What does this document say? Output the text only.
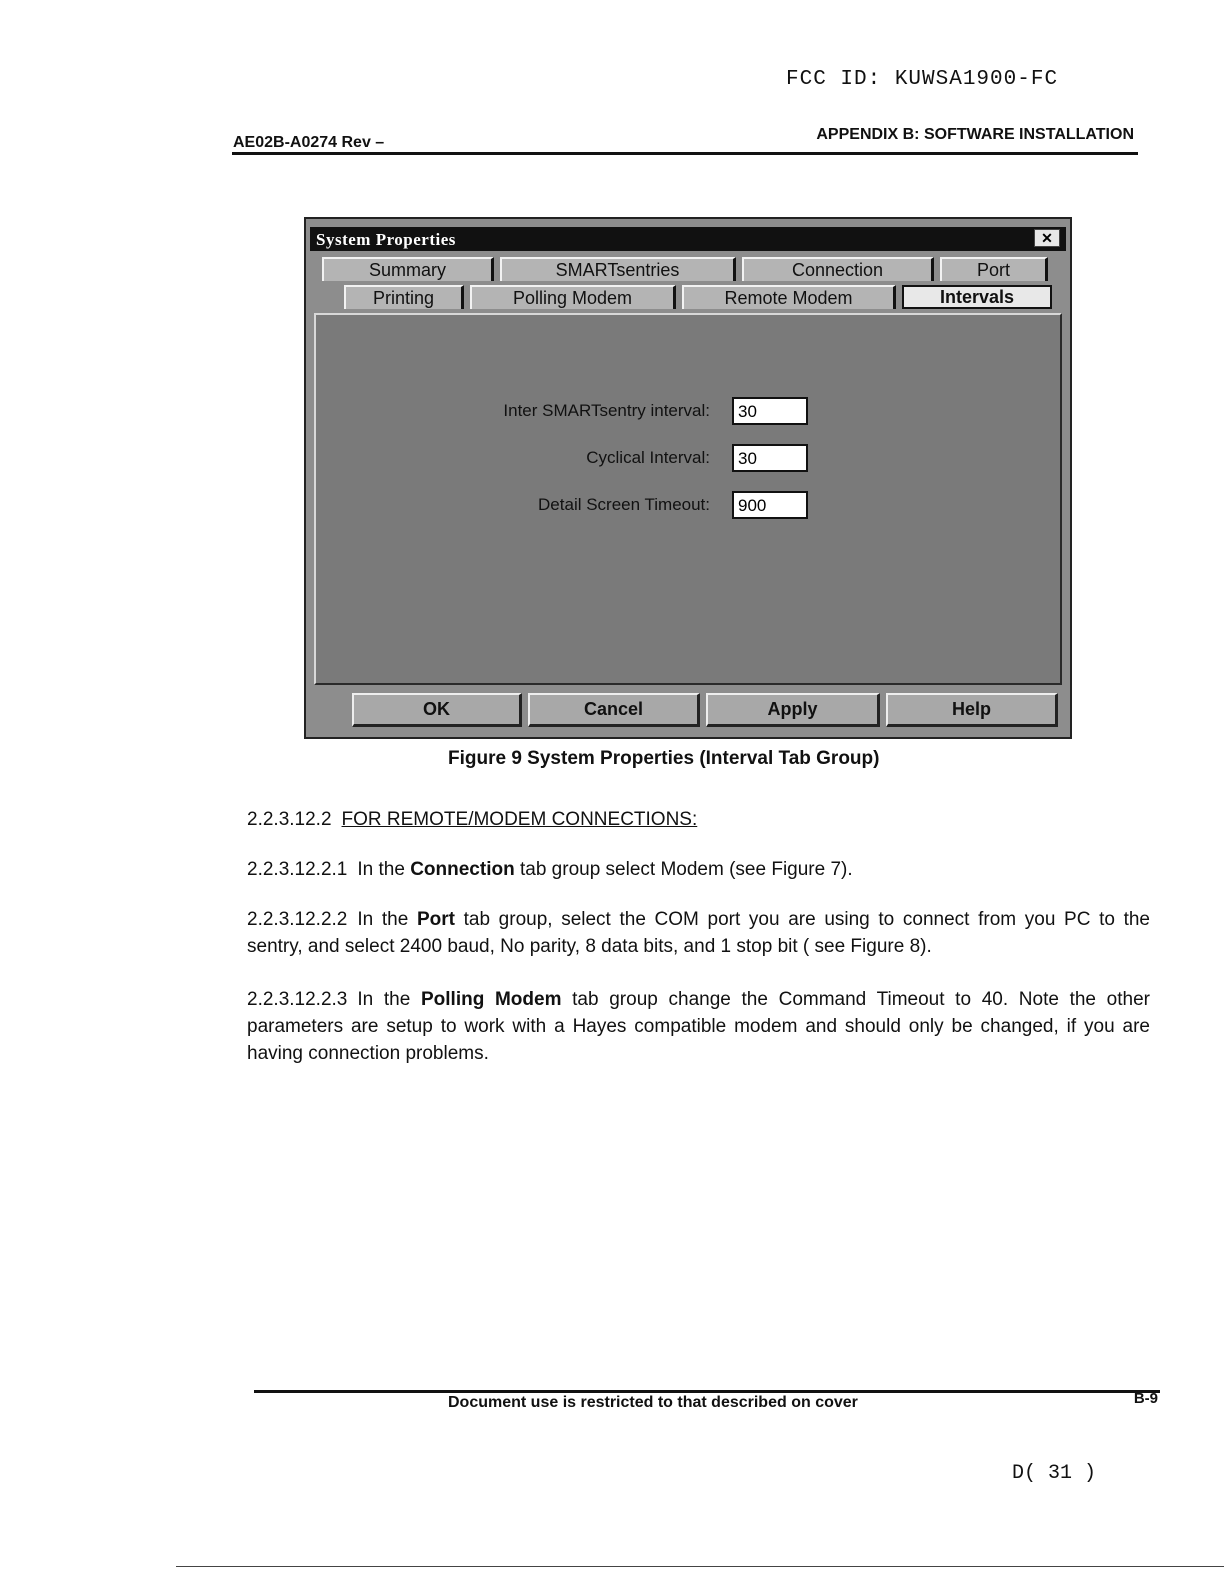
FCC ID: KUWSA1900-FC
AE02B-A0274 Rev –	APPENDIX B: SOFTWARE INSTALLATION
System Properties	✕
Summary	SMARTsentries	Connection	Port
Printing	Polling Modem	Remote Modem	Intervals
Inter SMARTsentry interval:	30
Cyclical Interval:	30
Detail Screen Timeout:	900
OK	Cancel	Apply	Help
Figure 9 System Properties (Interval Tab Group)
2.2.3.12.2 FOR REMOTE/MODEM CONNECTIONS:
2.2.3.12.2.1 In the Connection tab group select Modem (see Figure 7).
2.2.3.12.2.2 In the Port tab group, select the COM port you are using to connect from you PC to the sentry, and select 2400 baud, No parity, 8 data bits, and 1 stop bit ( see Figure 8).
2.2.3.12.2.3 In the Polling Modem tab group change the Command Timeout to 40. Note the other parameters are setup to work with a Hayes compatible modem and should only be changed, if you are having connection problems.
Document use is restricted to that described on cover	B-9
D( 31 )
